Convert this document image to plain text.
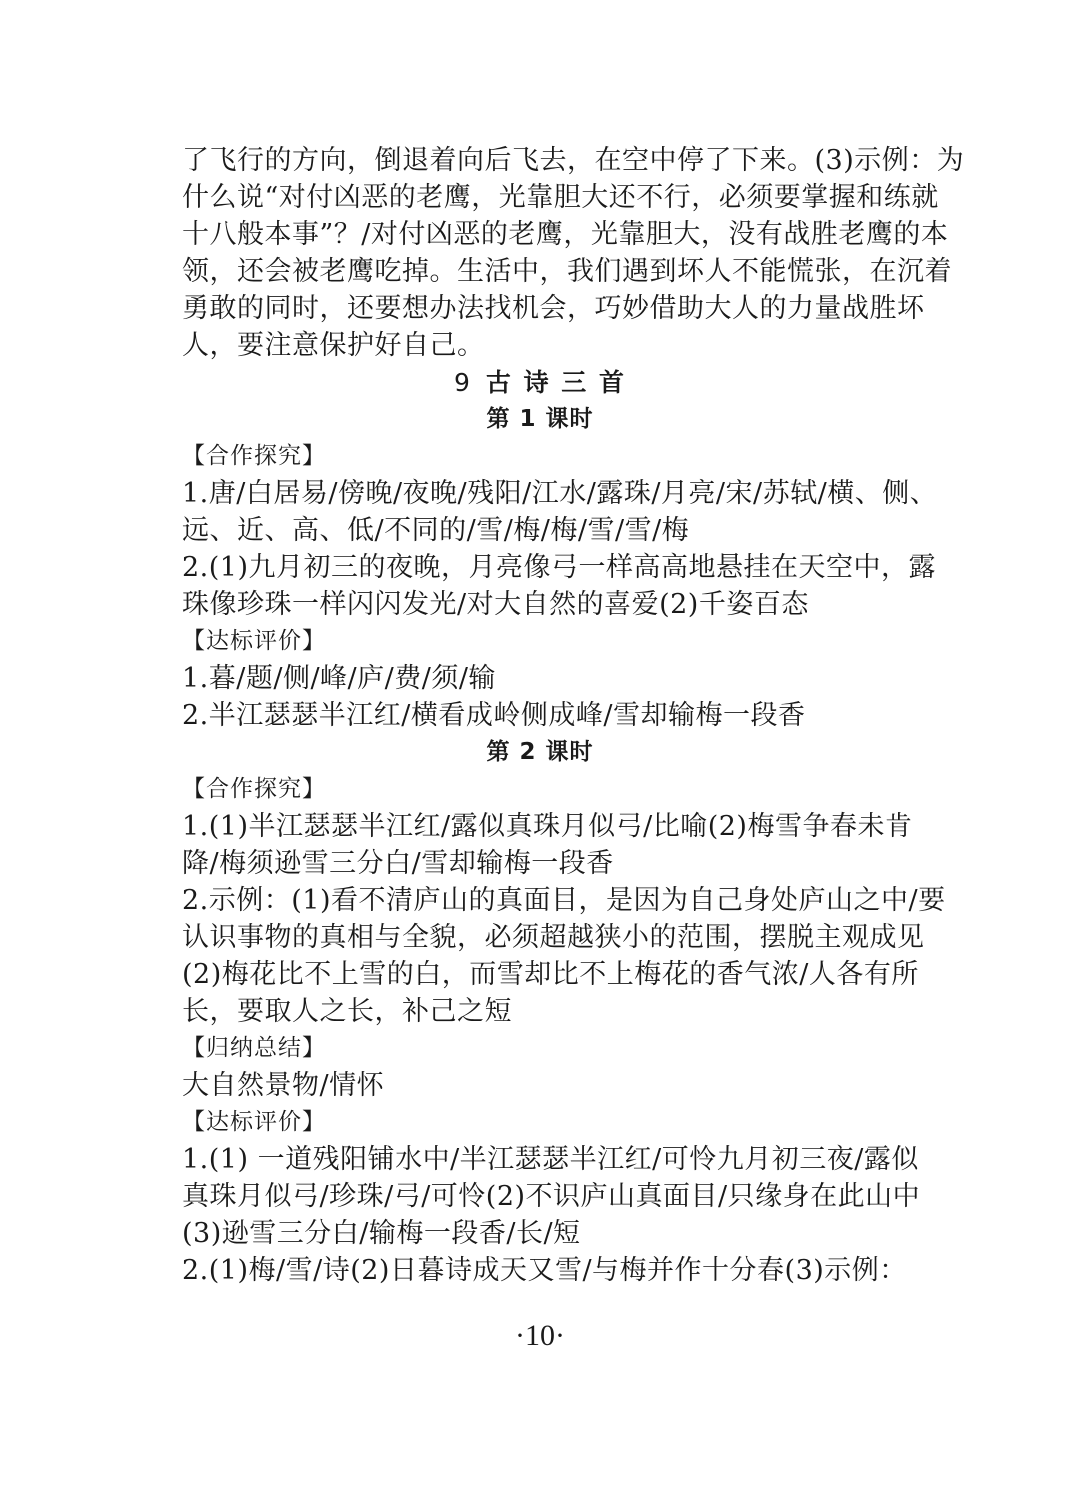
了飞行的方向，倒退着向后飞去，在空中停了下来。(3)示例：为
什么说“对付凶恶的老鹰，光靠胆大还不行，必须要掌握和练就
十八般本事”？/对付凶恶的老鹰，光靠胆大，没有战胜老鹰的本
领，还会被老鹰吃掉。生活中，我们遇到坏人不能慌张，在沉着
勇敢的同时，还要想办法找机会，巧妙借助大人的力量战胜坏
人，要注意保护好自己。
9 古 诗 三 首
第 1 课时
【合作探究】
1.唐/白居易/傍晚/夜晚/残阳/江水/露珠/月亮/宋/苏轼/横、侧、
远、近、高、低/不同的/雪/梅/梅/雪/雪/梅
2.(1)九月初三的夜晚，月亮像弓一样高高地悬挂在天空中，露
珠像珍珠一样闪闪发光/对大自然的喜爱(2)千姿百态
【达标评价】
1.暮/题/侧/峰/庐/费/须/输
2.半江瑟瑟半江红/横看成岭侧成峰/雪却输梅一段香
第 2 课时
【合作探究】
1.(1)半江瑟瑟半江红/露似真珠月似弓/比喻(2)梅雪争春未肯
降/梅须逊雪三分白/雪却输梅一段香
2.示例：(1)看不清庐山的真面目，是因为自己身处庐山之中/要
认识事物的真相与全貌，必须超越狭小的范围，摆脱主观成见
(2)梅花比不上雪的白，而雪却比不上梅花的香气浓/人各有所
长，要取人之长，补己之短
【归纳总结】
大自然景物/情怀
【达标评价】
1.(1) 一道残阳铺水中/半江瑟瑟半江红/可怜九月初三夜/露似
真珠月似弓/珍珠/弓/可怜(2)不识庐山真面目/只缘身在此山中
(3)逊雪三分白/输梅一段香/长/短
2.(1)梅/雪/诗(2)日暮诗成天又雪/与梅并作十分春(3)示例：
·10·
